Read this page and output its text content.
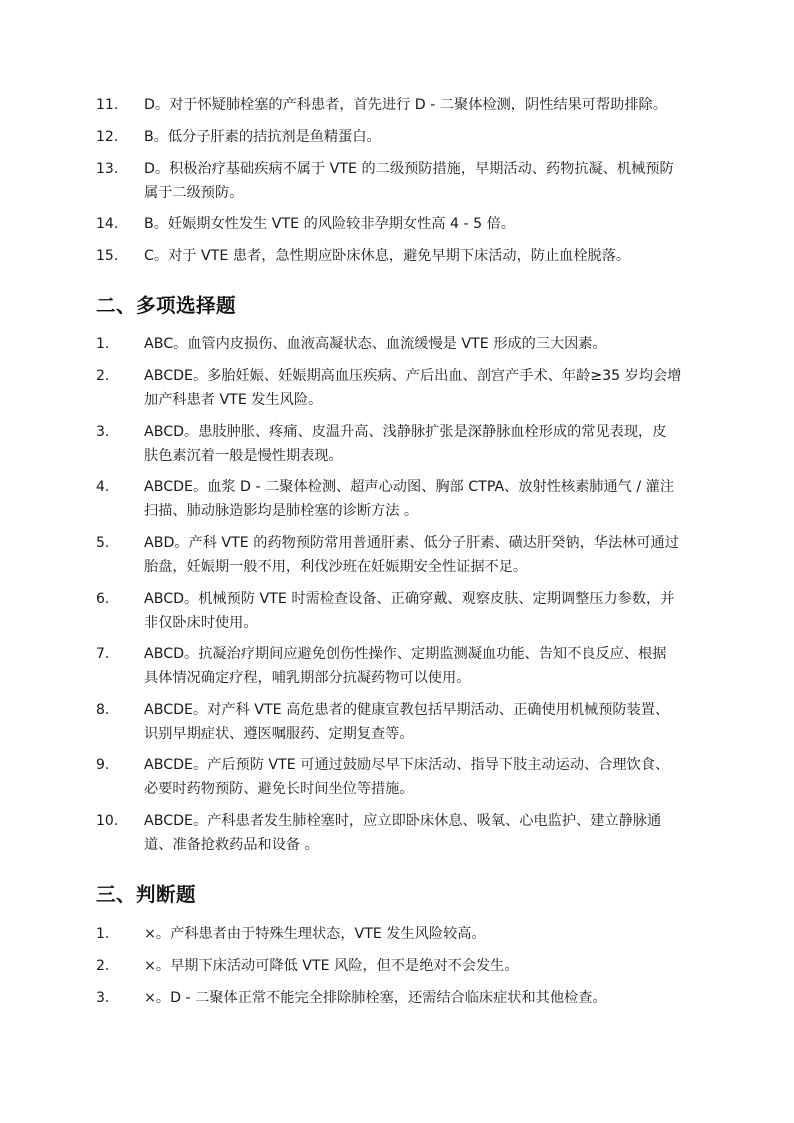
11.	D。对于怀疑肺栓塞的产科患者，首先进行 D - 二聚体检测，阴性结果可帮助排除。
12.	B。低分子肝素的拮抗剂是鱼精蛋白。
13.	D。积极治疗基础疾病不属于 VTE 的二级预防措施，早期活动、药物抗凝、机械预防
属于二级预防。
14.	B。妊娠期女性发生 VTE 的风险较非孕期女性高 4 - 5 倍。
15.	C。对于 VTE 患者，急性期应卧床休息，避免早期下床活动，防止血栓脱落。
二、多项选择题
1.	ABC。血管内皮损伤、血液高凝状态、血流缓慢是 VTE 形成的三大因素。
2.	ABCDE。多胎妊娠、妊娠期高血压疾病、产后出血、剖宫产手术、年龄≥35 岁均会增
加产科患者 VTE 发生风险。
3.	ABCD。患肢肿胀、疼痛、皮温升高、浅静脉扩张是深静脉血栓形成的常见表现，皮
肤色素沉着一般是慢性期表现。
4.	ABCDE。血浆 D - 二聚体检测、超声心动图、胸部 CTPA、放射性核素肺通气 / 灌注
扫描、肺动脉造影均是肺栓塞的诊断方法 。
5.	ABD。产科 VTE 的药物预防常用普通肝素、低分子肝素、磺达肝癸钠，华法林可通过
胎盘，妊娠期一般不用，利伐沙班在妊娠期安全性证据不足。
6.	ABCD。机械预防 VTE 时需检查设备、正确穿戴、观察皮肤、定期调整压力参数，并
非仅卧床时使用。
7.	ABCD。抗凝治疗期间应避免创伤性操作、定期监测凝血功能、告知不良反应、根据
具体情况确定疗程，哺乳期部分抗凝药物可以使用。
8.	ABCDE。对产科 VTE 高危患者的健康宣教包括早期活动、正确使用机械预防装置、
识别早期症状、遵医嘱服药、定期复查等。
9.	ABCDE。产后预防 VTE 可通过鼓励尽早下床活动、指导下肢主动运动、合理饮食、
必要时药物预防、避免长时间坐位等措施。
10.	ABCDE。产科患者发生肺栓塞时，应立即卧床休息、吸氧、心电监护、建立静脉通
道、准备抢救药品和设备 。
三、判断题
1.	×。产科患者由于特殊生理状态，VTE 发生风险较高。
2.	×。早期下床活动可降低 VTE 风险，但不是绝对不会发生。
3.	×。D - 二聚体正常不能完全排除肺栓塞，还需结合临床症状和其他检查。
